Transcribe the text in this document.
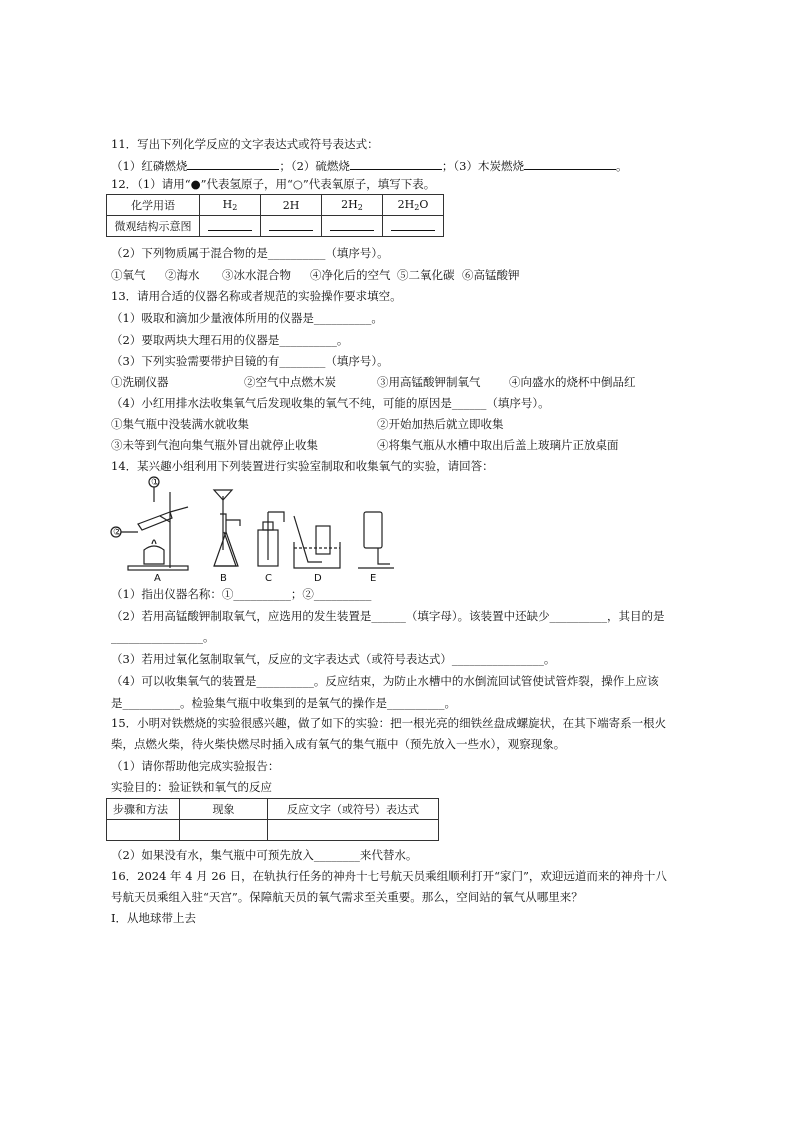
11．写出下列化学反应的文字表达式或符号表达式：
（1）红磷燃烧	；（2）硫燃烧	；（3）木炭燃烧	。
12．（1）请用“●”代表氢原子，用“○”代表氧原子，填写下表。
化学用语	$H_2$	2H	$2H_2$	$2H_2O$
微观结构示意图				
（2）下列物质属于混合物的是__________（填序号）。
①氧气 ②海水 ③冰水混合物 ④净化后的空气 ⑤二氧化碳 ⑥高锰酸钾
13．请用合适的仪器名称或者规范的实验操作要求填空。
（1）吸取和滴加少量液体所用的仪器是__________。
（2）要取两块大理石用的仪器是__________。
（3）下列实验需要带护目镜的有________（填序号）。
①洗刷仪器	②空气中点燃木炭	③用高锰酸钾制氧气 ④向盛水的烧杯中倒品红
（4）小红用排水法收集氧气后发现收集的氧气不纯，可能的原因是______（填序号）。
①集气瓶中没装满水就收集	②开始加热后就立即收集
③未等到气泡向集气瓶外冒出就停止收集	④将集气瓶从水槽中取出后盖上玻璃片正放桌面
14．某兴趣小组利用下列装置进行实验室制取和收集氧气的实验，请回答：
①
②
A	B	C	D	E
（1）指出仪器名称：①__________；②__________
（2）若用高锰酸钾制取氧气，应选用的发生装置是______（填字母）。该装置中还缺少__________，其目的是
________________。
（3）若用过氧化氢制取氧气，反应的文字表达式（或符号表达式）________________。
（4）可以收集氧气的装置是__________。反应结束，为防止水槽中的水倒流回试管使试管炸裂，操作上应该
是__________。检验集气瓶中收集到的是氧气的操作是__________。
15．小明对铁燃烧的实验很感兴趣，做了如下的实验：把一根光亮的细铁丝盘成螺旋状，在其下端寄系一根火
柴，点燃火柴，待火柴快燃尽时插入成有氧气的集气瓶中（预先放入一些水），观察现象。
（1）请你帮助他完成实验报告：
实验目的：验证铁和氧气的反应
步骤和方法	现象	反应文字（或符号）表达式

（2）如果没有水，集气瓶中可预先放入________来代替水。
16．2024 年 4 月 26 日，在轨执行任务的神舟十七号航天员乘组顺利打开“家门”，欢迎远道而来的神舟十八
号航天员乘组入驻“天宫”。保障航天员的氧气需求至关重要。那么，空间站的氧气从哪里来？
Ⅰ．从地球带上去
